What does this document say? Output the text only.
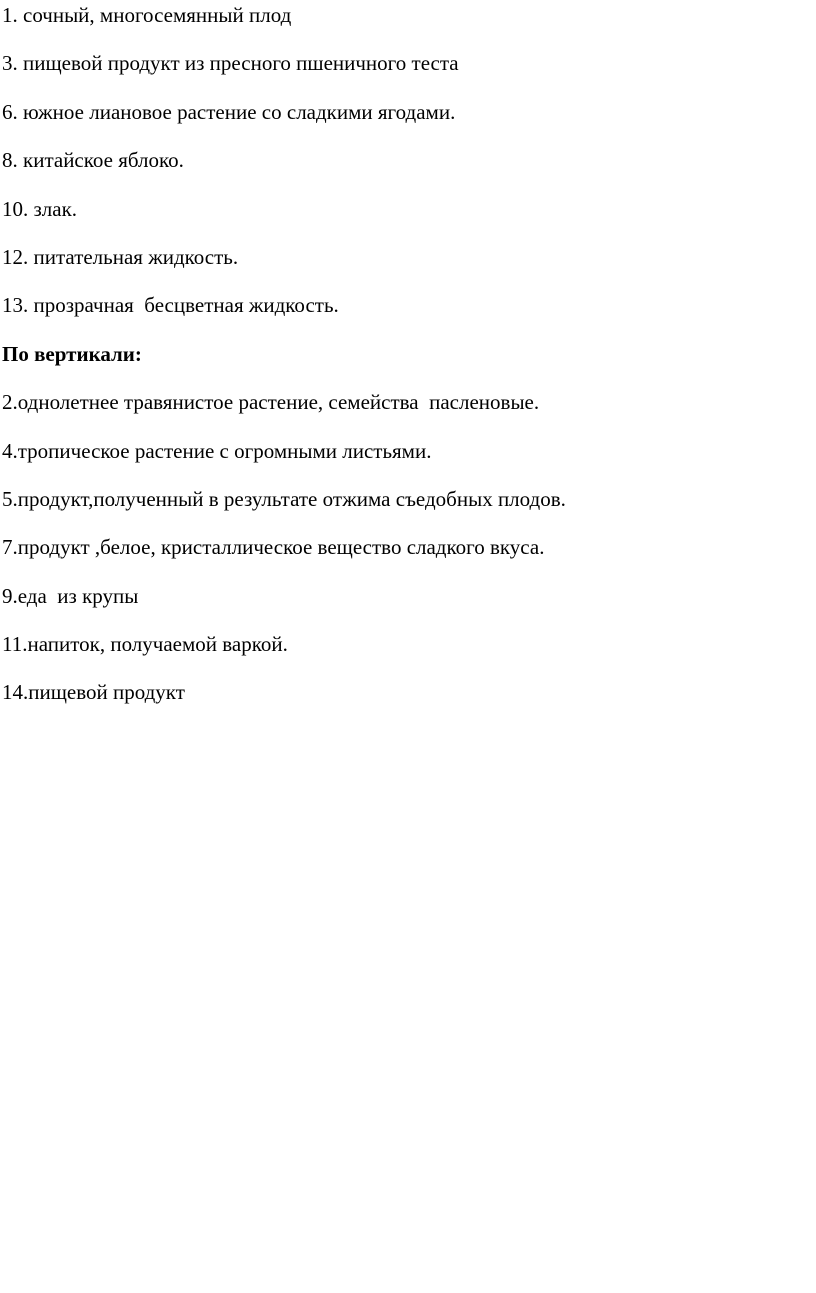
1. сочный, многосемянный плод
3. пищевой продукт из пресного пшеничного теста
6. южное лиановое растение со сладкими ягодами.
8. китайское яблоко.
10. злак.
12. питательная жидкость.
13. прозрачная  бесцветная жидкость.
По вертикали:
2.однолетнее травянистое растение, семейства  пасленовые.
4.тропическое растение с огромными листьями.
5.продукт,полученный в результате отжима съедобных плодов.
7.продукт ,белое, кристаллическое вещество сладкого вкуса.
9.еда  из крупы
11.напиток, получаемой варкой.
14.пищевой продукт
